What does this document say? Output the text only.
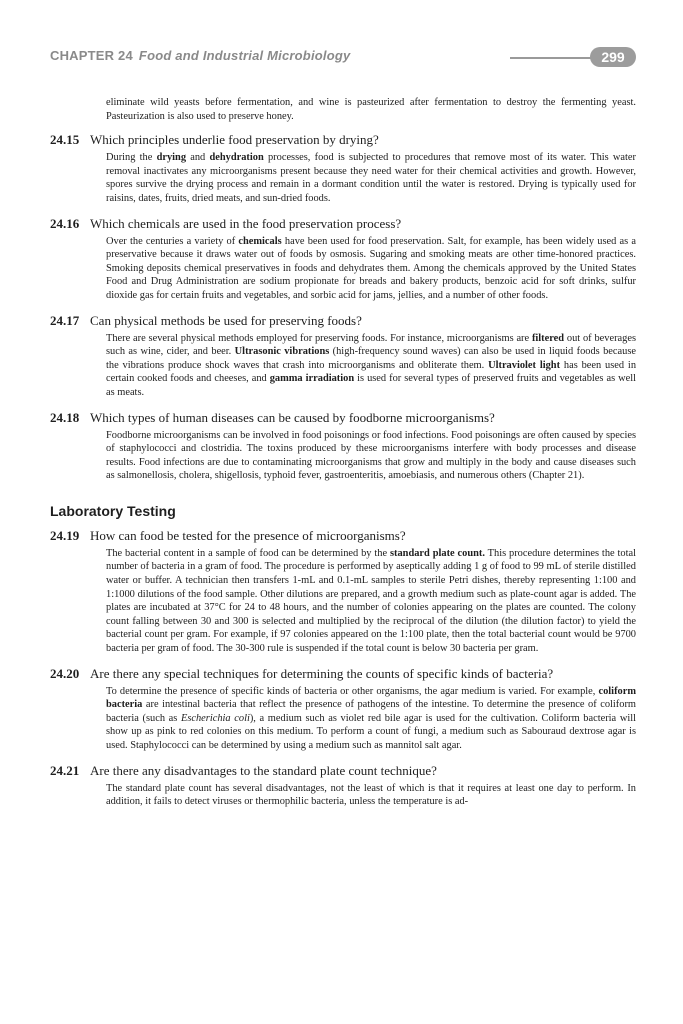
CHAPTER 24 Food and Industrial Microbiology	299

eliminate wild yeasts before fermentation, and wine is pasteurized after fermentation to destroy the fermenting yeast. Pasteurization is also used to preserve honey.

24.15 Which principles underlie food preservation by drying?

During the drying and dehydration processes, food is subjected to procedures that remove most of its water. This water removal inactivates any microorganisms present because they need water for their chemical activities and growth. However, spores survive the drying process and remain in a dormant condition until the water is restored. Drying is typically used for raisins, dates, fruits, dried meats, and sun-dried foods.

24.16 Which chemicals are used in the food preservation process?

Over the centuries a variety of chemicals have been used for food preservation. Salt, for example, has been widely used as a preservative because it draws water out of foods by osmosis. Sugaring and smoking meats are other time-honored practices. Smoking deposits chemical preservatives in foods and dehydrates them. Among the chemicals approved by the United States Food and Drug Administration are sodium propionate for breads and bakery products, benzoic acid for soft drinks, sulfur dioxide gas for certain fruits and vegetables, and sorbic acid for jams, jellies, and a number of other foods.

24.17 Can physical methods be used for preserving foods?

There are several physical methods employed for preserving foods. For instance, microorganisms are filtered out of beverages such as wine, cider, and beer. Ultrasonic vibrations (high-frequency sound waves) can also be used in liquid foods because the vibrations produce shock waves that crash into microorganisms and obliterate them. Ultraviolet light has been used in certain cooked foods and cheeses, and gamma irradiation is used for several types of preserved fruits and vegetables as well as meats.

24.18 Which types of human diseases can be caused by foodborne microorganisms?

Foodborne microorganisms can be involved in food poisonings or food infections. Food poisonings are often caused by species of staphylococci and clostridia. The toxins produced by these microorganisms interfere with body processes and disease results. Food infections are due to contaminating microorganisms that grow and multiply in the body and cause diseases such as salmonellosis, cholera, shigellosis, typhoid fever, gastroenteritis, amoebiasis, and numerous others (Chapter 21).

Laboratory Testing
24.19 How can food be tested for the presence of microorganisms?

The bacterial content in a sample of food can be determined by the standard plate count. This procedure determines the total number of bacteria in a gram of food. The procedure is performed by aseptically adding 1 g of food to 99 mL of sterile distilled water or buffer. A technician then transfers 1-mL and 0.1-mL samples to sterile Petri dishes, thereby representing 1:100 and 1:1000 dilutions of the food sample. Other dilutions are prepared, and a growth medium such as plate-count agar is added. The plates are incubated at 37°C for 24 to 48 hours, and the number of colonies appearing on the plates are counted. The colony count falling between 30 and 300 is selected and multiplied by the reciprocal of the dilution (the dilution factor) to yield the bacterial count per gram. For example, if 97 colonies appeared on the 1:100 plate, then the total bacterial count would be 9700 bacteria per gram of food. The 30-300 rule is suspended if the total count is below 30 bacteria per gram.

24.20 Are there any special techniques for determining the counts of specific kinds of bacteria?

To determine the presence of specific kinds of bacteria or other organisms, the agar medium is varied. For example, coliform bacteria are intestinal bacteria that reflect the presence of pathogens of the intestine. To determine the presence of coliform bacteria (such as Escherichia coli), a medium such as violet red bile agar is used for the cultivation. Coliform bacteria will show up as pink to red colonies on this medium. To perform a count of fungi, a medium such as Sabouraud dextrose agar is used. Staphylococci can be determined by using a medium such as mannitol salt agar.

24.21 Are there any disadvantages to the standard plate count technique?

The standard plate count has several disadvantages, not the least of which is that it requires at least one day to perform. In addition, it fails to detect viruses or thermophilic bacteria, unless the temperature is ad-
